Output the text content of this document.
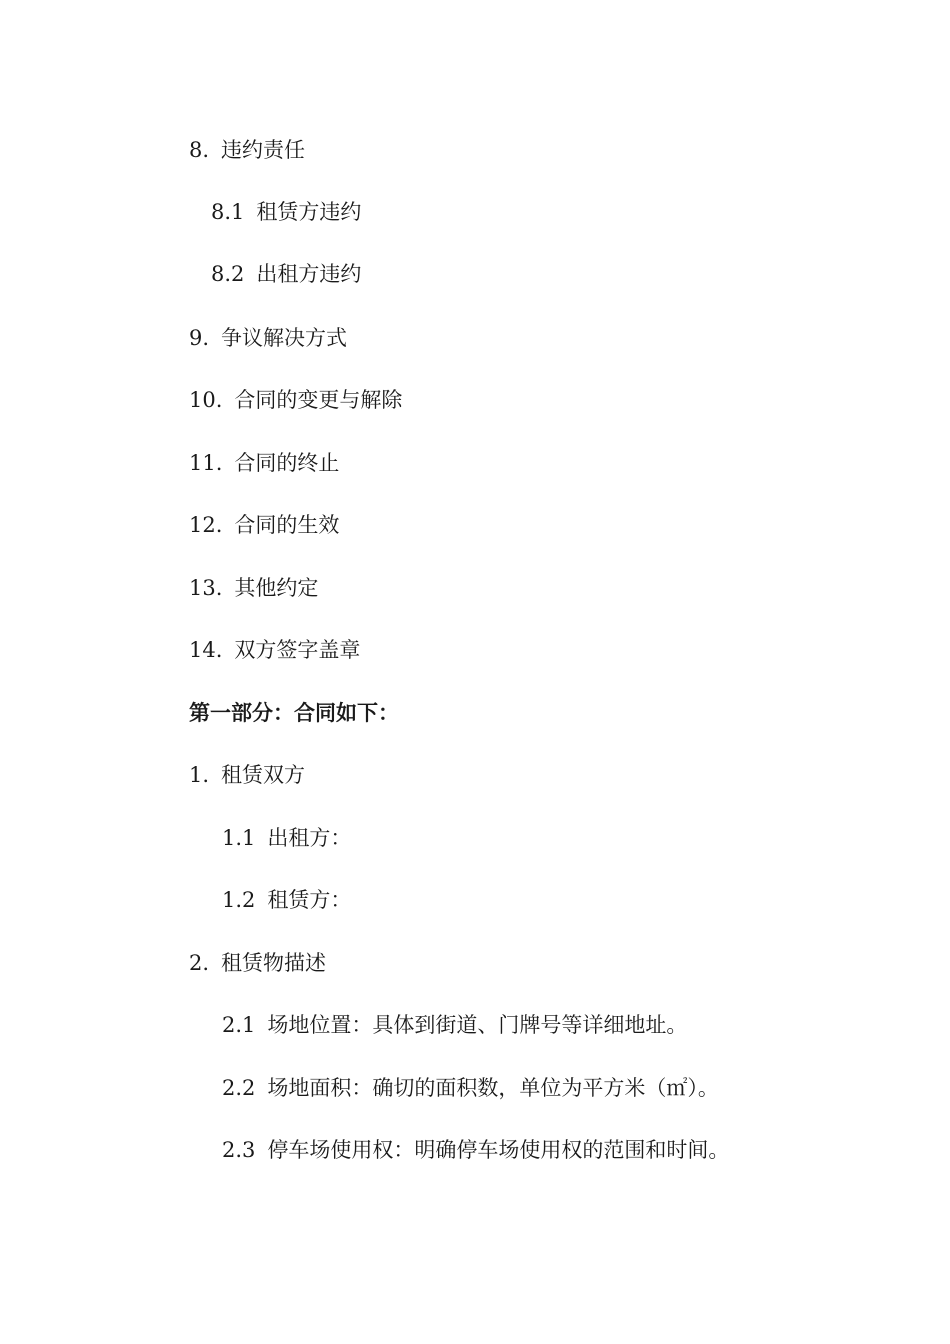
8. 违约责任
8.1 租赁方违约
8.2 出租方违约
9. 争议解决方式
10. 合同的变更与解除
11. 合同的终止
12. 合同的生效
13. 其他约定
14. 双方签字盖章
第一部分：合同如下：
1. 租赁双方
1.1 出租方：
1.2 租赁方：
2. 租赁物描述
2.1 场地位置：具体到街道、门牌号等详细地址。
2.2 场地面积：确切的面积数，单位为平方米（㎡）。
2.3 停车场使用权：明确停车场使用权的范围和时间。
